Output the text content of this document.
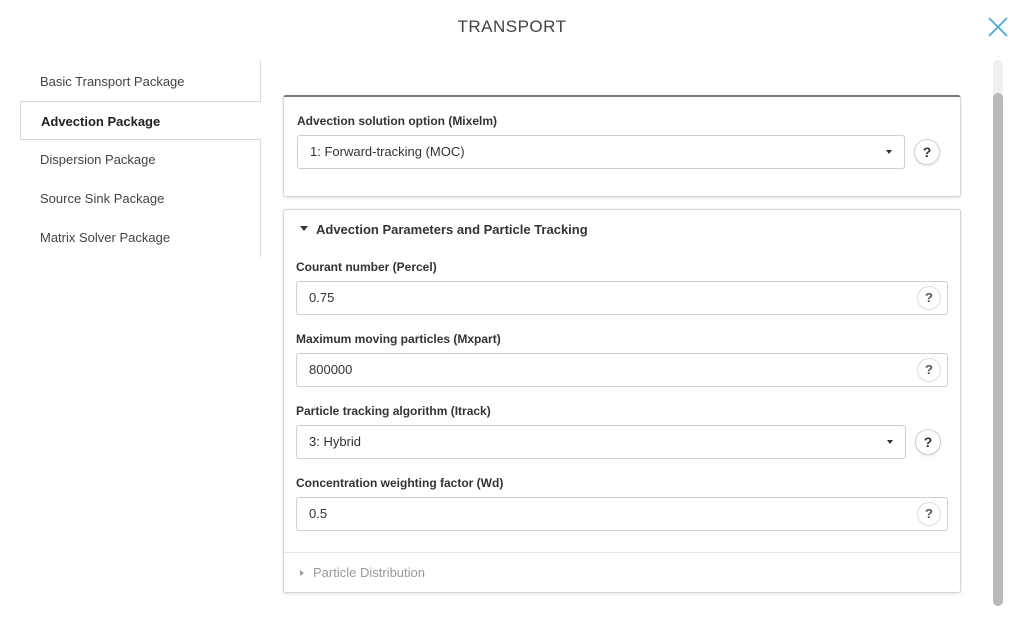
TRANSPORT
Basic Transport Package
Advection Package
Dispersion Package
Source Sink Package
Matrix Solver Package
Advection solution option (Mixelm)
1: Forward-tracking (MOC)	?
Advection Parameters and Particle Tracking
Courant number (Percel)
0.75	?
Maximum moving particles (Mxpart)
800000	?
Particle tracking algorithm (Itrack)
3: Hybrid	?
Concentration weighting factor (Wd)
0.5	?
Particle Distribution
